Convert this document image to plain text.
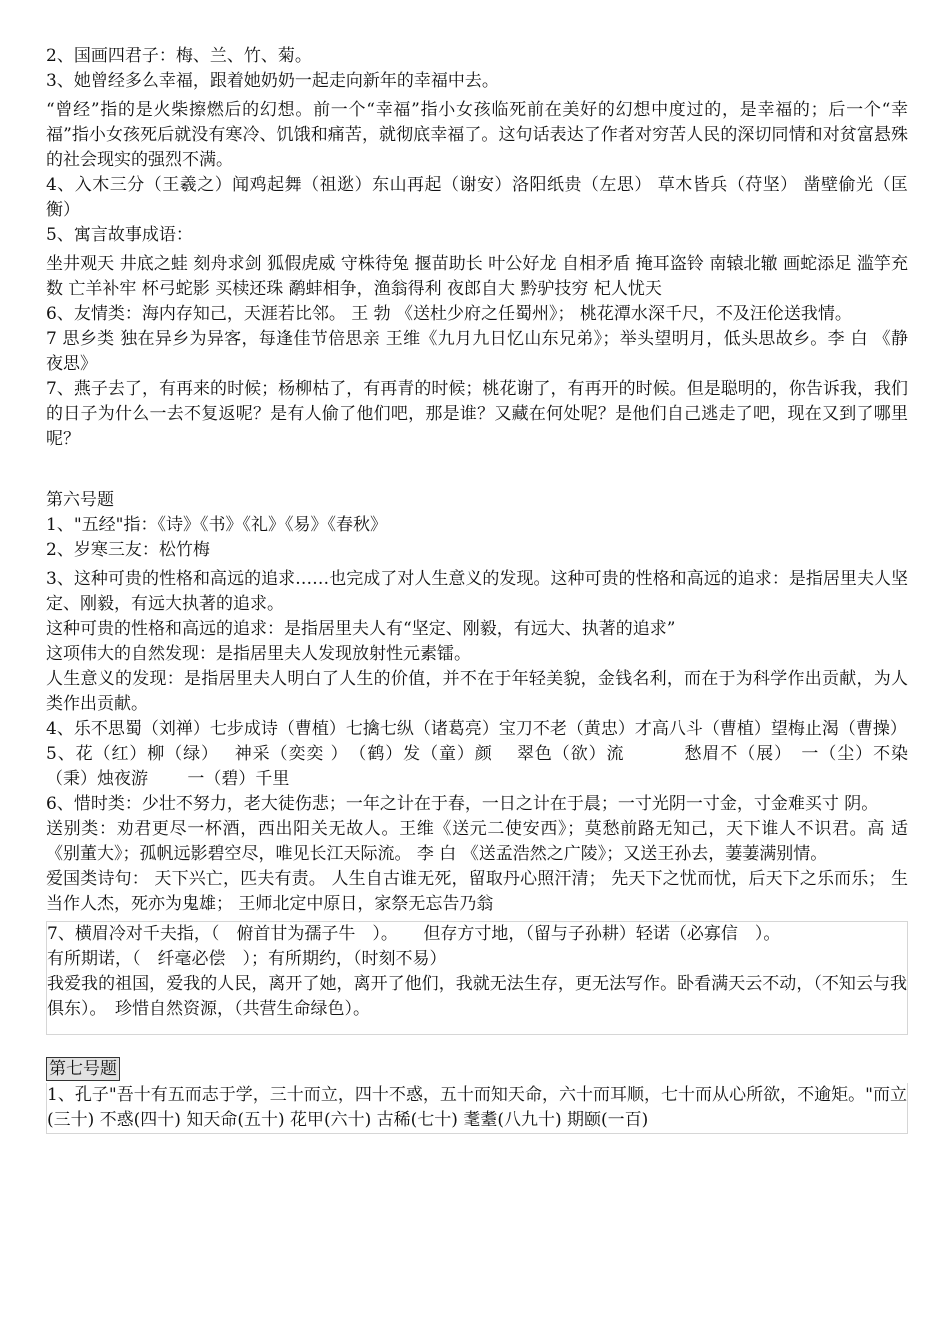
2、国画四君子：梅、兰、竹、菊。

3、她曾经多么幸福，跟着她奶奶一起走向新年的幸福中去。

“曾经”指的是火柴擦燃后的幻想。前一个“幸福”指小女孩临死前在美好的幻想中度过的，是幸福的；后一个“幸福”指小女孩死后就没有寒冷、饥饿和痛苦，就彻底幸福了。这句话表达了作者对穷苦人民的深切同情和对贫富悬殊的社会现实的强烈不满。

4、入木三分（王羲之）闻鸡起舞（祖逖）东山再起（谢安）洛阳纸贵（左思） 草木皆兵（苻坚） 凿壁偷光（匡衡）

5、寓言故事成语：

坐井观天 井底之蛙 刻舟求剑 狐假虎威 守株待兔 揠苗助长 叶公好龙 自相矛盾 掩耳盗铃 南辕北辙 画蛇添足 滥竽充数 亡羊补牢 杯弓蛇影 买椟还珠 鹬蚌相争，渔翁得利 夜郎自大 黔驴技穷 杞人忧天

6、友情类：海内存知己，天涯若比邻。 王 勃 《送杜少府之任蜀州》； 桃花潭水深千尺，不及汪伦送我情。

7 思乡类 独在异乡为异客，每逢佳节倍思亲 王维《九月九日忆山东兄弟》；举头望明月，低头思故乡。李 白 《静夜思》

7、燕子去了，有再来的时候；杨柳枯了，有再青的时候；桃花谢了，有再开的时候。但是聪明的，你告诉我，我们的日子为什么一去不复返呢？是有人偷了他们吧，那是谁？又藏在何处呢？是他们自己逃走了吧，现在又到了哪里呢？

第六号题

1、"五经"指：《诗》《书》《礼》《易》《春秋》

2、岁寒三友：松竹梅

3、这种可贵的性格和高远的追求……也完成了对人生意义的发现。这种可贵的性格和高远的追求：是指居里夫人坚定、刚毅，有远大执著的追求。

这种可贵的性格和高远的追求：是指居里夫人有“坚定、刚毅，有远大、执著的追求”

这项伟大的自然发现：是指居里夫人发现放射性元素镭。

人生意义的发现：是指居里夫人明白了人生的价值，并不在于年轻美貌，金钱名利，而在于为科学作出贡献，为人类作出贡献。

4、乐不思蜀（刘禅）七步成诗（曹植）七擒七纵（诸葛亮）宝刀不老（黄忠）才高八斗（曹植）望梅止渴（曹操）

5、花（红）柳（绿）　 神采（奕奕 ）　（鹤）发（童）颜　 翠色（欲）流　　　 愁眉不（展）　一（尘）不染　（秉）烛夜游　　 一（碧）千里

6、惜时类：少壮不努力，老大徒伤悲；一年之计在于春，一日之计在于晨；一寸光阴一寸金，寸金难买寸 阴。

送别类：劝君更尽一杯酒，西出阳关无故人。王维《送元二使安西》；莫愁前路无知己，天下谁人不识君。高 适 《别董大》；孤帆远影碧空尽，唯见长江天际流。 李 白 《送孟浩然之广陵》；又送王孙去，萋萋满别情。

爱国类诗句： 天下兴亡，匹夫有责。 人生自古谁无死，留取丹心照汗清； 先天下之忧而忧，后天下之乐而乐； 生当作人杰，死亦为鬼雄； 王师北定中原日，家祭无忘告乃翁

7、横眉冷对千夫指，（　俯首甘为孺子牛　）。　　但存方寸地，（留与子孙耕）轻诺（必寡信　）。

有所期诺，（　纤毫必偿　）；有所期约，（时刻不易）

我爱我的祖国，爱我的人民，离开了她，离开了他们，我就无法生存，更无法写作。卧看满天云不动，（不知云与我俱东）。　珍惜自然资源，（共营生命绿色）。

第七号题

1、孔子"吾十有五而志于学，三十而立，四十不惑，五十而知天命，六十而耳顺，七十而从心所欲，不逾矩。"而立(三十) 不惑(四十) 知天命(五十) 花甲(六十) 古稀(七十) 耄耋(八九十) 期颐(一百)
